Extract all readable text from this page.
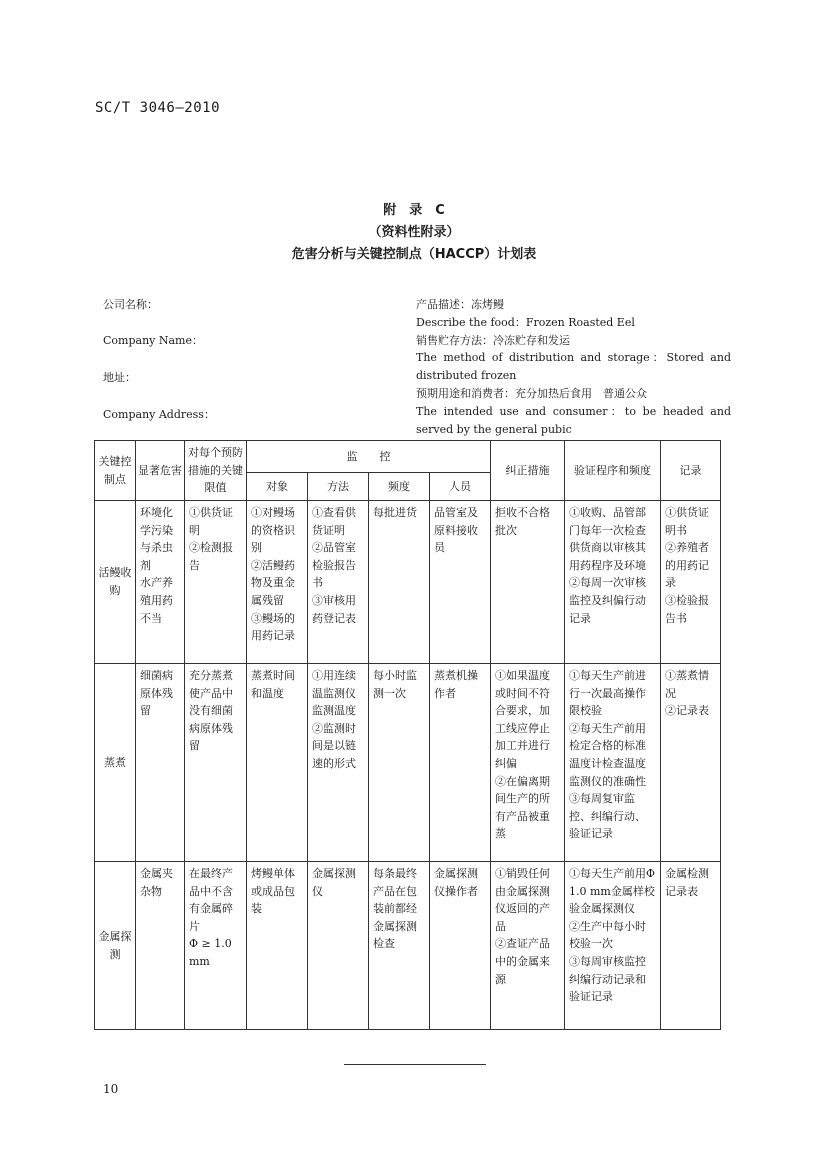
SC/T 3046—2010
附　录　C
（资料性附录）
危害分析与关键控制点（HACCP）计划表
公司名称：
Company Name：
地址：
Company Address：

产品描述：冻烤鳗

Describe the food：Frozen Roasted Eel

销售贮存方法：冷冻贮存和发运

The method of distribution and storage：Stored and distributed frozen

预期用途和消费者：充分加热后食用　普通公众

The intended use and consumer：to be headed and served by the general pubic

关键控制点	显著危害	对每个预防措施的关键限值	监　　控				纠正措施	验证程序和频度	记录
			对象	方法	频度	人员			
活鳗收购	环境化学污染与杀虫剂
水产养殖用药不当	①供货证明
②检测报告	①对鳗场的资格识别
②活鳗药物及重金属残留
③鳗场的用药记录	①查看供货证明
②品管室检验报告书
③审核用药登记表	每批进货	品管室及原料接收员	拒收不合格批次	①收购、品管部门每年一次检查供货商以审核其用药程序及环境
②每周一次审核监控及纠偏行动记录	①供货证明书
②养殖者的用药记录
③检验报告书

蒸煮	细菌病原体残留	充分蒸煮使产品中没有细菌病原体残留	蒸煮时间和温度	①用连续温监测仪监测温度
②监测时间是以链速的形式	每小时监测一次	蒸煮机操作者	①如果温度或时间不符合要求，加工线应停止加工并进行纠偏
②在偏离期间生产的所有产品被重蒸	①每天生产前进行一次最高操作限校验
②每天生产前用检定合格的标准温度计检查温度监测仪的准确性
③每周复审监控、纠编行动、验证记录	①蒸煮情况
②记录表

金属探测	金属夹杂物	在最终产品中不含有金属碎片
Φ ≥ 1.0 mm	烤鳗单体或成品包装	金属探测仪	每条最终产品在包装前都经金属探测检查	金属探测仪操作者	①销毁任何由金属探测仪返回的产品
②查证产品中的金属来源	①每天生产前用Φ1.0 mm金属样校验金属探测仪
②生产中每小时校验一次
③每周审核监控纠编行动记录和验证记录	金属检测记录表
10
